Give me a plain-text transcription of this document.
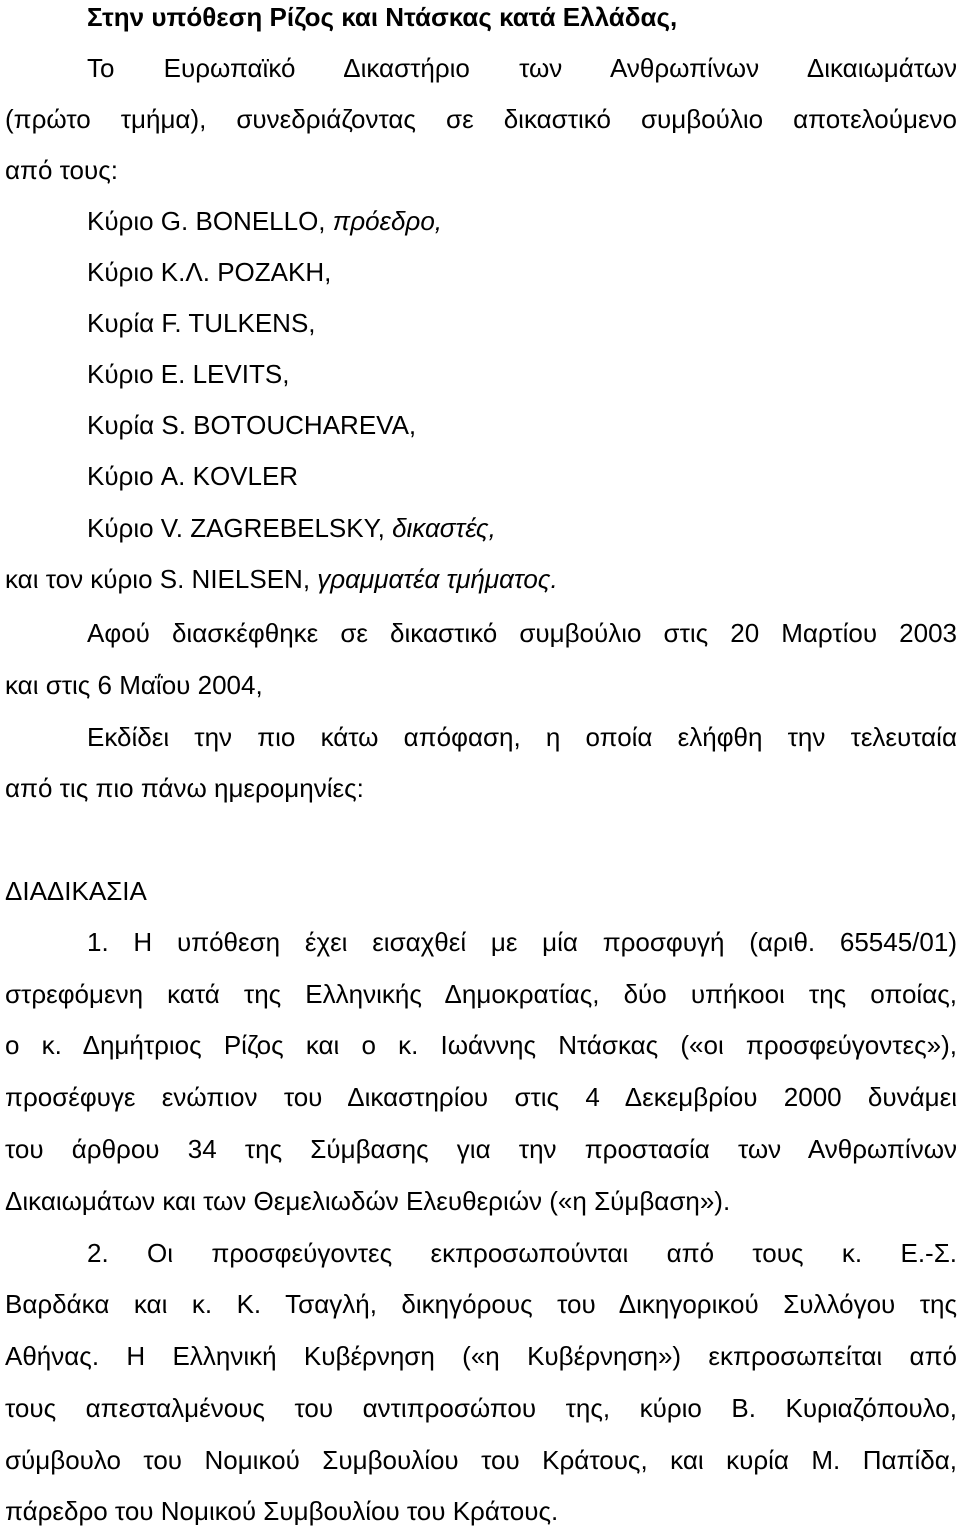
Στην υπόθεση Ρίζος και Ντάσκας κατά Ελλάδας,
Το Ευρωπαϊκό Δικαστήριο των Ανθρωπίνων Δικαιωμάτων
(πρώτο τμήμα), συνεδριάζοντας σε δικαστικό συμβούλιο αποτελούμενο
από τους:
Κύριο G. BONELLO, πρόεδρο,
Κύριο Κ.Λ. ΡΟΖΑΚΗ,
Κυρία F. TULKENS,
Κύριο E. LEVITS,
Κυρία S. BOTOUCHAREVA,
Κύριο A. KOVLER
Κύριο V. ZAGREBELSKY, δικαστές,
και τον κύριο S. NIELSEN, γραμματέα τμήματος.
Αφού διασκέφθηκε σε δικαστικό συμβούλιο στις 20 Μαρτίου 2003
και στις 6 Μαΐου 2004,
Εκδίδει την πιο κάτω απόφαση, η οποία ελήφθη την τελευταία
από τις πιο πάνω ημερομηνίες:
ΔΙΑΔΙΚΑΣΙΑ
1. Η υπόθεση έχει εισαχθεί με μία προσφυγή (αριθ. 65545/01)
στρεφόμενη κατά της Ελληνικής Δημοκρατίας, δύο υπήκοοι της οποίας,
ο κ. Δημήτριος Ρίζος και ο κ. Ιωάννης Ντάσκας («οι προσφεύγοντες»),
προσέφυγε ενώπιον του Δικαστηρίου στις 4 Δεκεμβρίου 2000 δυνάμει
του άρθρου 34 της Σύμβασης για την προστασία των Ανθρωπίνων
Δικαιωμάτων και των Θεμελιωδών Ελευθεριών («η Σύμβαση»).
2. Οι προσφεύγοντες εκπροσωπούνται από τους κ. Ε.-Σ.
Βαρδάκα και κ. Κ. Τσαγλή, δικηγόρους του Δικηγορικού Συλλόγου της
Αθήνας. Η Ελληνική Κυβέρνηση («η Κυβέρνηση») εκπροσωπείται από
τους απεσταλμένους του αντιπροσώπου της, κύριο Β. Κυριαζόπουλο,
σύμβουλο του Νομικού Συμβουλίου του Κράτους, και κυρία Μ. Παπίδα,
πάρεδρο του Νομικού Συμβουλίου του Κράτους.
